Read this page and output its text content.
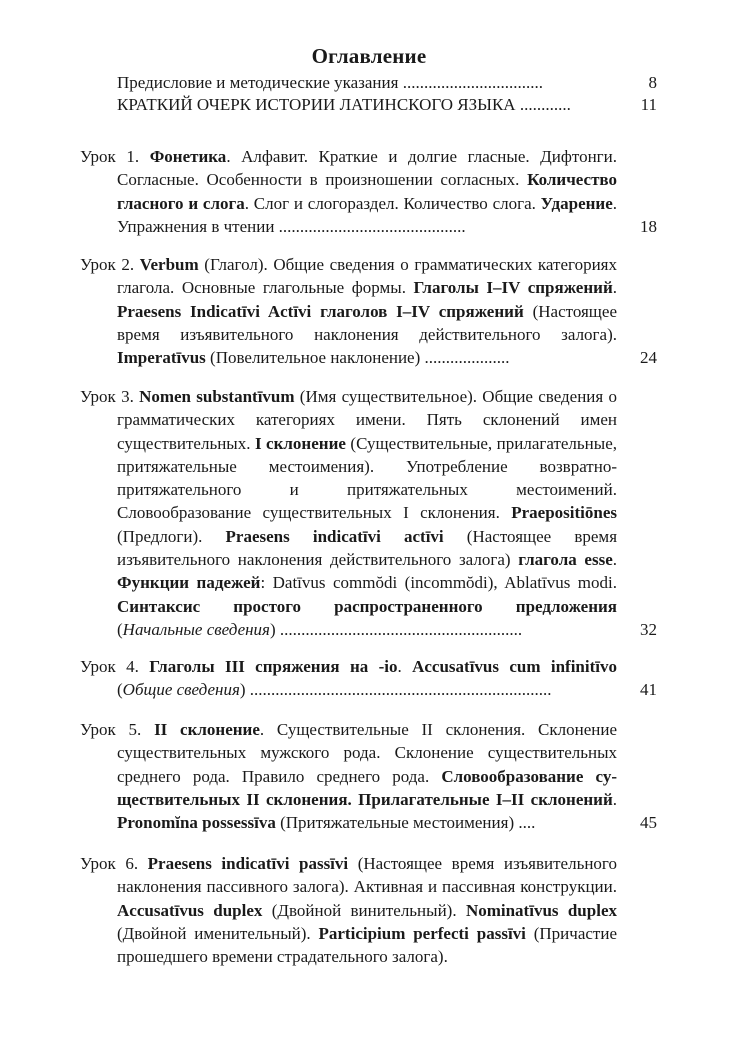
Оглавление
Предисловие и методические указания .................................	8
КРАТКИЙ ОЧЕРК ИСТОРИИ ЛАТИНСКОГО ЯЗЫКА ............	11

Урок 1. Фонетика. Алфавит. Краткие и долгие гласные. Дифтонги. Согласные. Особенности в произношении согласных. Количество гласного и слога. Слог и слогораздел. Количество слога. Ударение. Упражнения в чтении ............................................	18

Урок 2. Verbum (Глагол). Общие сведения о грамматических категориях глагола. Основные глагольные формы. Глаголы I–IV спряжений. Praesens Indicatīvi Actīvi глаголов I–IV спряжений (Настоящее время изъявительного наклонения действительного залога). Imperatīvus (Повелительное наклонение) ....................	24

Урок 3. Nomen substantīvum (Имя существительное). Общие сведения о грамматических категориях имени. Пять склонений имен существительных. I склонение (Существительные, прилагательные, притяжательные местоимения). Употребление возвратно-притяжательного и притяжательных местоимений. Словообразование существительных I склонения. Praepositiōnes (Предлоги). Praesens indicatīvi actīvi (Настоящее время изъявительного наклонения действительного залога) глагола esse. Функции падежей: Datīvus commŏdi (incommŏdi), Ablatīvus modi. Синтаксис простого распространенного предложения (Начальные сведения) .........................................................	32

Урок 4. Глаголы III спряжения на -io. Accusatīvus cum infinitīvo (Общие сведения) .......................................................................	41

Урок 5. II склонение. Существительные II склонения. Склонение существительных мужского рода. Склонение существительных среднего рода. Правило среднего рода. Словообразование существительных II склонения. Прилагательные I–II склонений. Pronomĭna possessīva (Притяжательные местоимения) ....	45

Урок 6. Praesens indicatīvi passīvi (Настоящее время изъявительного наклонения пассивного залога). Активная и пассивная конструкции. Accusatīvus duplex (Двойной винительный). Nominatīvus duplex (Двойной именительный). Participium perfecti passīvi (Причастие прошедшего времени страдательного залога).
